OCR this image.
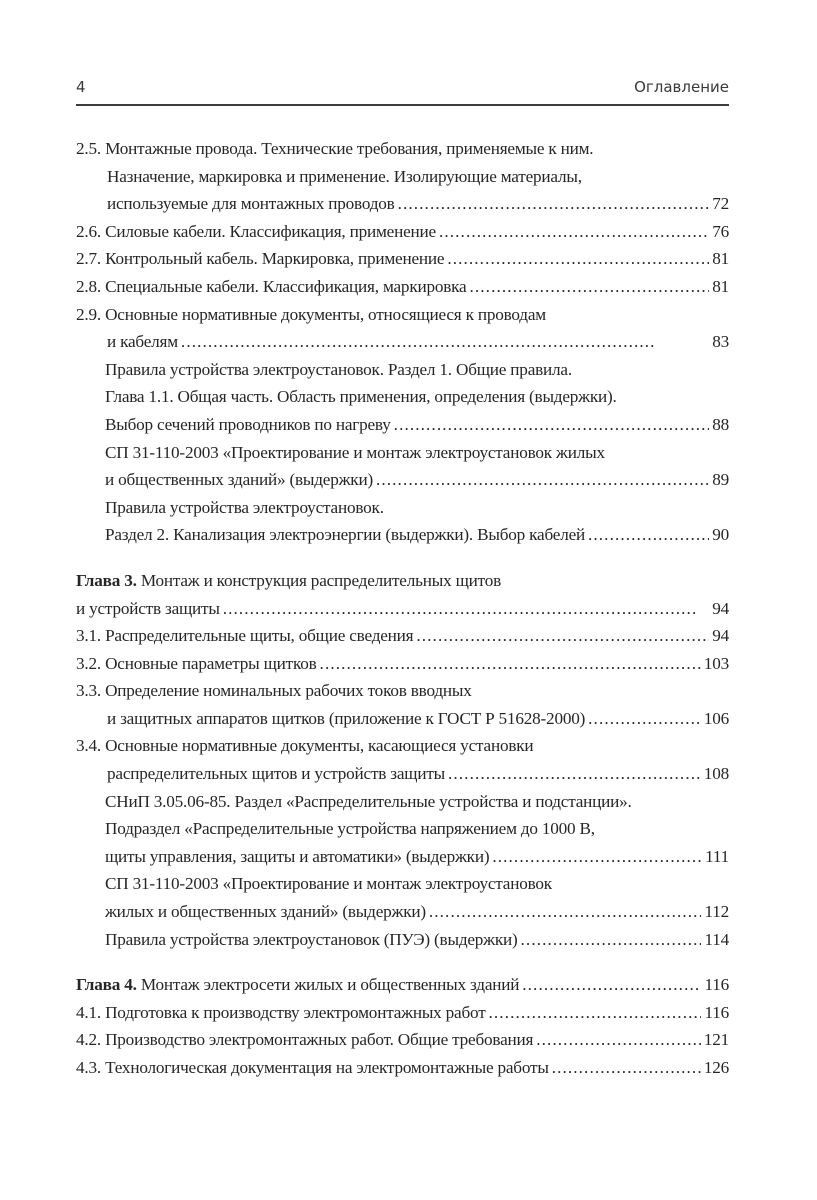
4	Оглавление
2.5. Монтажные провода. Технические требования, применяемые к ним.
Назначение, маркировка и применение. Изолирующие материалы,
используемые для монтажных проводов . . .	72
2.6. Силовые кабели. Классификация, применение . . .	76
2.7. Контрольный кабель. Маркировка, применение . . .	81
2.8. Специальные кабели. Классификация, маркировка . . .	81
2.9. Основные нормативные документы, относящиеся к проводам
и кабелям . . .	83
Правила устройства электроустановок. Раздел 1. Общие правила.
Глава 1.1. Общая часть. Область применения, определения (выдержки).
Выбор сечений проводников по нагреву . . .	88
СП 31-110-2003 «Проектирование и монтаж электроустановок жилых
и общественных зданий» (выдержки) . . .	89
Правила устройства электроустановок.
Раздел 2. Канализация электроэнергии (выдержки). Выбор кабелей . . .	90
Глава 3. Монтаж и конструкция распределительных щитов
и устройств защиты . . .	94
3.1. Распределительные щиты, общие сведения . . .	94
3.2. Основные параметры щитков . . .	103
3.3. Определение номинальных рабочих токов вводных
и защитных аппаратов щитков (приложение к ГОСТ Р 51628-2000) . . .	106
3.4. Основные нормативные документы, касающиеся установки
распределительных щитов и устройств защиты . . .	108
СНиП 3.05.06-85. Раздел «Распределительные устройства и подстанции».
Подраздел «Распределительные устройства напряжением до 1000 В,
щиты управления, защиты и автоматики» (выдержки) . . .	111
СП 31-110-2003 «Проектирование и монтаж электроустановок
жилых и общественных зданий» (выдержки) . . .	112
Правила устройства электроустановок (ПУЭ) (выдержки) . . .	114
Глава 4. Монтаж электросети жилых и общественных зданий . . .	116
4.1. Подготовка к производству электромонтажных работ . . .	116
4.2. Производство электромонтажных работ. Общие требования . . .	121
4.3. Технологическая документация на электромонтажные работы . . .	126
